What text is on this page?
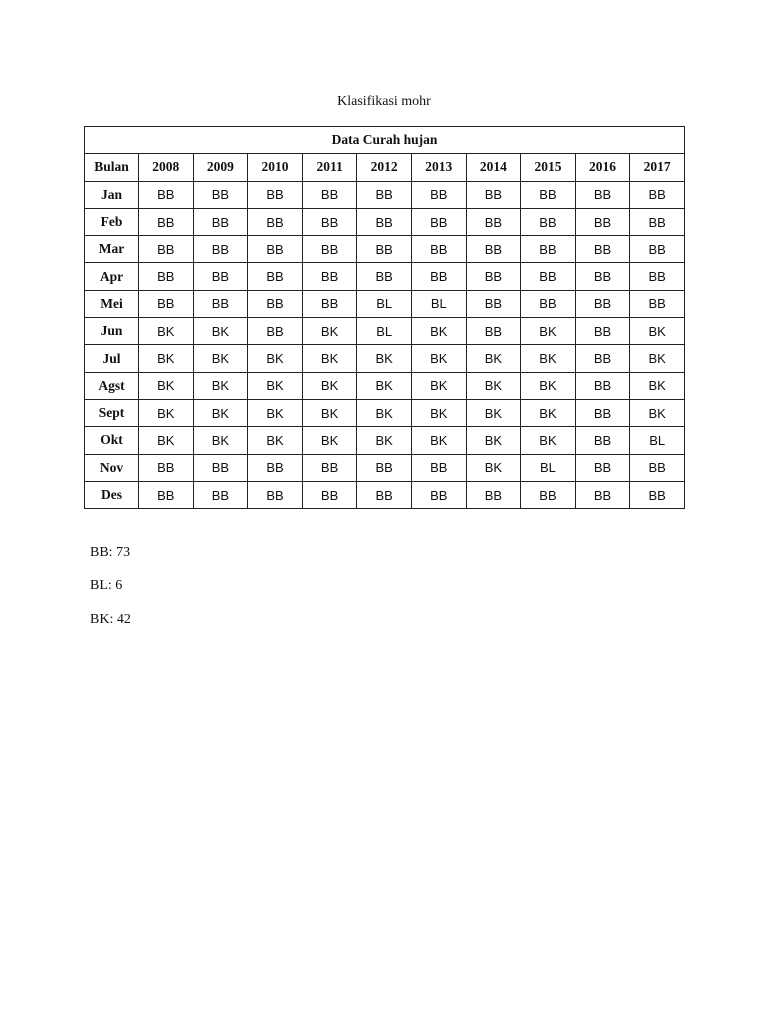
Klasifikasi mohr
Data Curah hujan										
Bulan	2008	2009	2010	2011	2012	2013	2014	2015	2016	2017
Jan	BB	BB	BB	BB	BB	BB	BB	BB	BB	BB
Feb	BB	BB	BB	BB	BB	BB	BB	BB	BB	BB
Mar	BB	BB	BB	BB	BB	BB	BB	BB	BB	BB
Apr	BB	BB	BB	BB	BB	BB	BB	BB	BB	BB
Mei	BB	BB	BB	BB	BL	BL	BB	BB	BB	BB
Jun	BK	BK	BB	BK	BL	BK	BB	BK	BB	BK
Jul	BK	BK	BK	BK	BK	BK	BK	BK	BB	BK
Agst	BK	BK	BK	BK	BK	BK	BK	BK	BB	BK
Sept	BK	BK	BK	BK	BK	BK	BK	BK	BB	BK
Okt	BK	BK	BK	BK	BK	BK	BK	BK	BB	BL
Nov	BB	BB	BB	BB	BB	BB	BK	BL	BB	BB
Des	BB	BB	BB	BB	BB	BB	BB	BB	BB	BB
BB: 73
BL: 6
BK: 42
